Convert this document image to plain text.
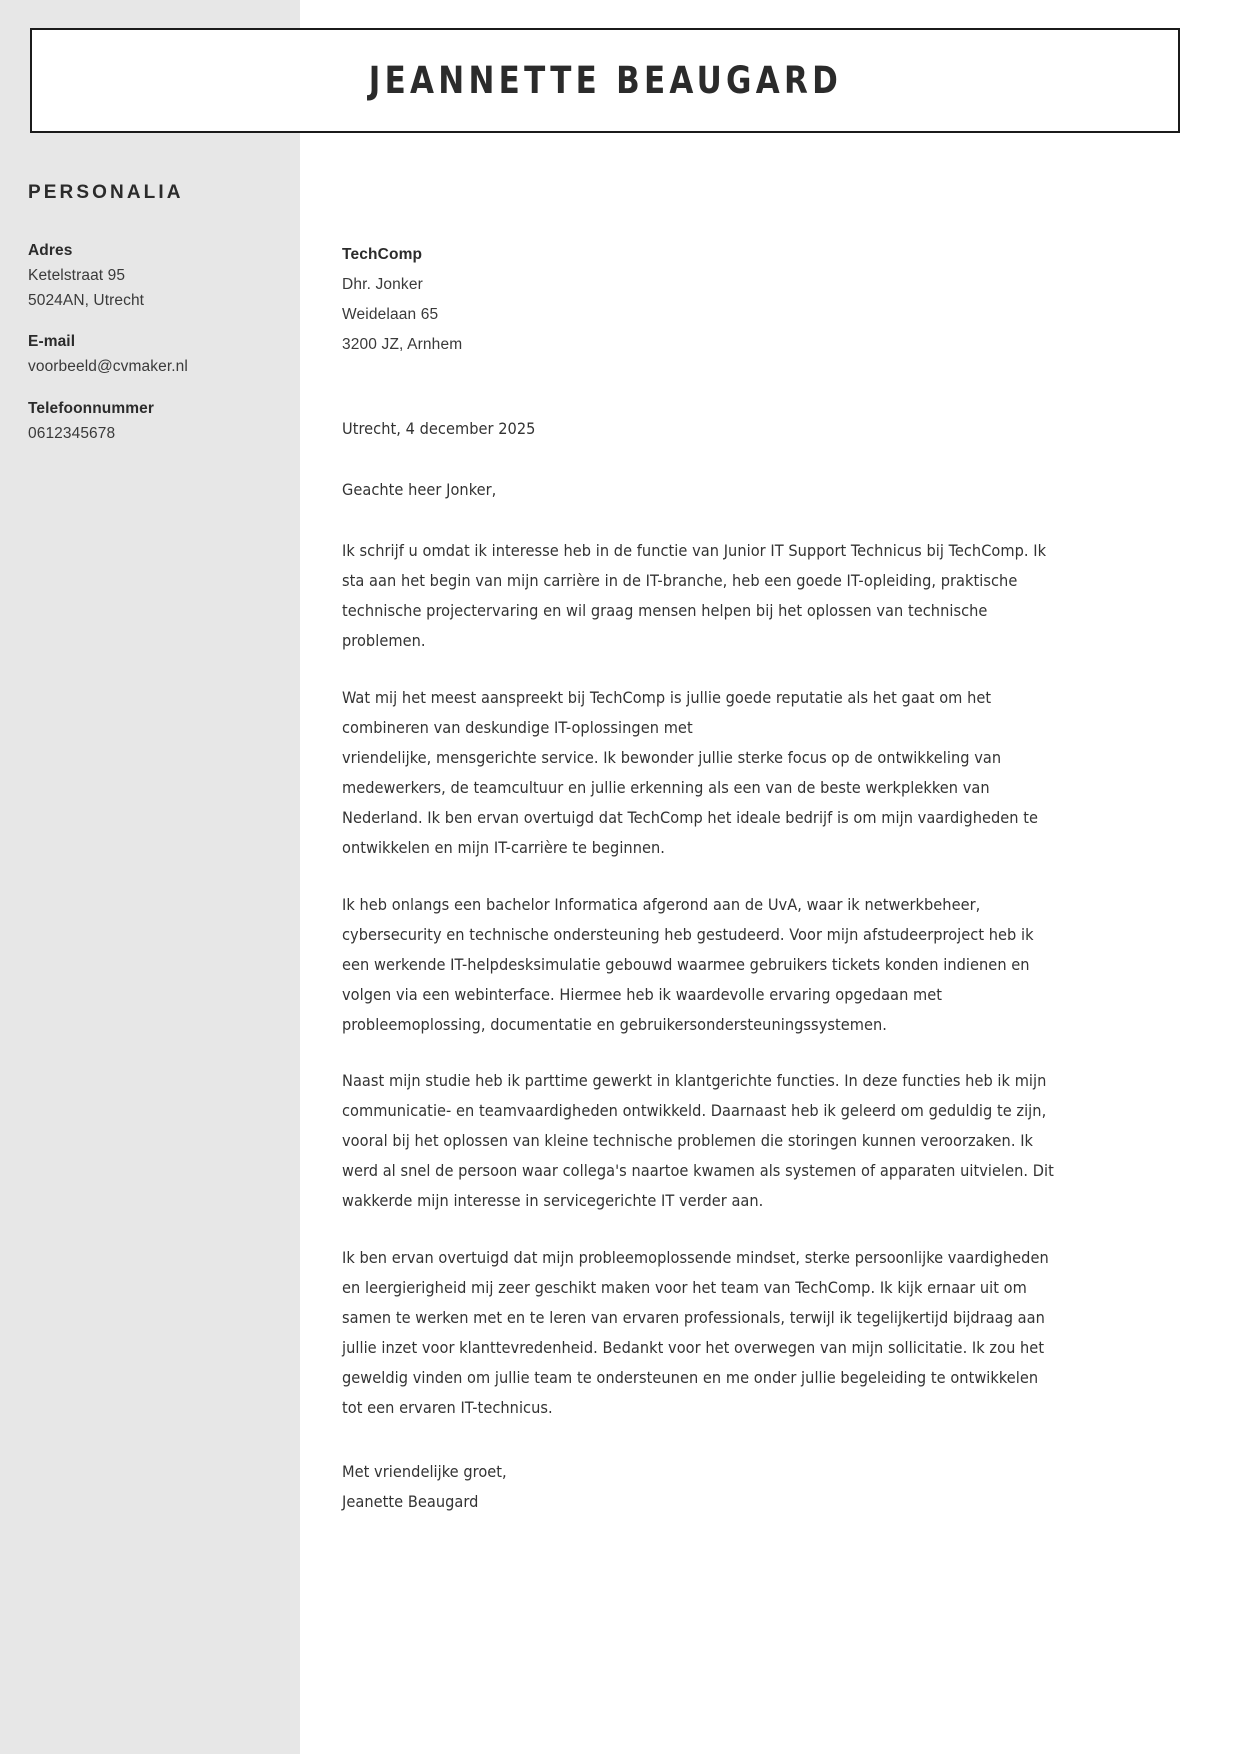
JEANNETTE BEAUGARD
PERSONALIA
Adres
Ketelstraat 95
5024AN, Utrecht
E-mail
voorbeeld@cvmaker.nl
Telefoonnummer
0612345678
TechComp
Dhr. Jonker
Weidelaan 65
3200 JZ, Arnhem
Utrecht, 4 december 2025
Geachte heer Jonker,

Ik schrijf u omdat ik interesse heb in de functie van Junior IT Support Technicus bij TechComp. Ik sta aan het begin van mijn carrière in de IT-branche, heb een goede IT-opleiding, praktische technische projectervaring en wil graag mensen helpen bij het oplossen van technische problemen.

Wat mij het meest aanspreekt bij TechComp is jullie goede reputatie als het gaat om het combineren van deskundige IT-oplossingen met

vriendelijke, mensgerichte service. Ik bewonder jullie sterke focus op de ontwikkeling van medewerkers, de teamcultuur en jullie erkenning als een van de beste werkplekken van Nederland. Ik ben ervan overtuigd dat TechComp het ideale bedrijf is om mijn vaardigheden te ontwikkelen en mijn IT-carrière te beginnen.

Ik heb onlangs een bachelor Informatica afgerond aan de UvA, waar ik netwerkbeheer, cybersecurity en technische ondersteuning heb gestudeerd. Voor mijn afstudeerproject heb ik een werkende IT-helpdesksimulatie gebouwd waarmee gebruikers tickets konden indienen en volgen via een webinterface. Hiermee heb ik waardevolle ervaring opgedaan met probleemoplossing, documentatie en gebruikersondersteuningssystemen.

Naast mijn studie heb ik parttime gewerkt in klantgerichte functies. In deze functies heb ik mijn communicatie- en teamvaardigheden ontwikkeld. Daarnaast heb ik geleerd om geduldig te zijn, vooral bij het oplossen van kleine technische problemen die storingen kunnen veroorzaken. Ik werd al snel de persoon waar collega's naartoe kwamen als systemen of apparaten uitvielen. Dit wakkerde mijn interesse in servicegerichte IT verder aan.

Ik ben ervan overtuigd dat mijn probleemoplossende mindset, sterke persoonlijke vaardigheden en leergierigheid mij zeer geschikt maken voor het team van TechComp. Ik kijk ernaar uit om samen te werken met en te leren van ervaren professionals, terwijl ik tegelijkertijd bijdraag aan jullie inzet voor klanttevredenheid. Bedankt voor het overwegen van mijn sollicitatie. Ik zou het geweldig vinden om jullie team te ondersteunen en me onder jullie begeleiding te ontwikkelen tot een ervaren IT-technicus.

Met vriendelijke groet,
Jeanette Beaugard
